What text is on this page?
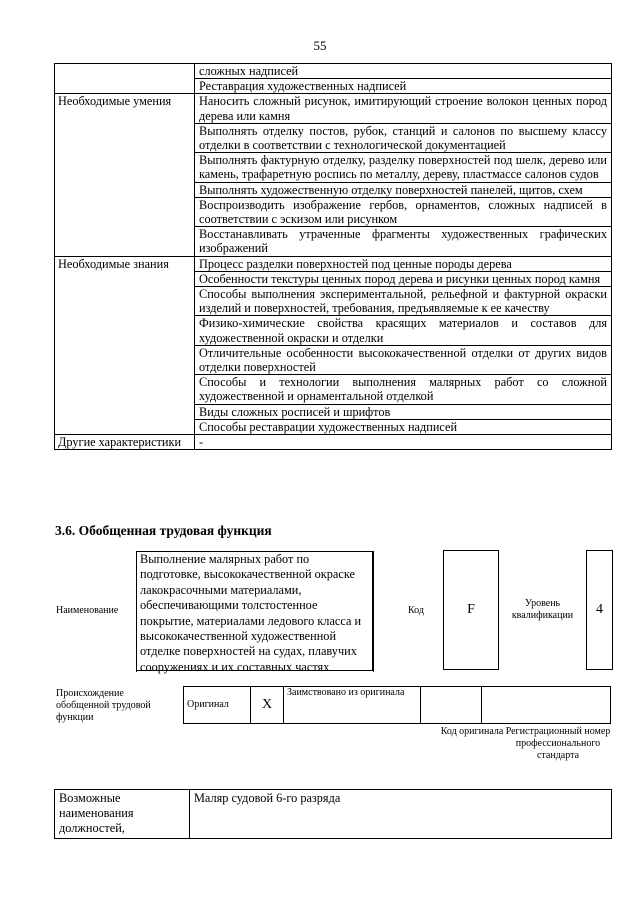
55
	сложных надписей
	Реставрация художественных надписей
Необходимые умения	Наносить сложный рисунок, имитирующий строение волокон ценных пород дерева или камня
	Выполнять отделку постов, рубок, станций и салонов по высшему классу отделки в соответствии с технологической документацией
	Выполнять фактурную отделку, разделку поверхностей под шелк, дерево или камень, трафаретную роспись по металлу, дереву, пластмассе салонов судов
	Выполнять художественную отделку поверхностей панелей, щитов, схем
	Воспроизводить изображение гербов, орнаментов, сложных надписей в соответствии с эскизом или рисунком
	Восстанавливать утраченные фрагменты художественных графических изображений
Необходимые знания	Процесс разделки поверхностей под ценные породы дерева
	Особенности текстуры ценных пород дерева и рисунки ценных пород камня
	Способы выполнения экспериментальной, рельефной и фактурной окраски изделий и поверхностей, требования, предъявляемые к ее качеству
	Физико-химические свойства красящих материалов и составов для художественной окраски и отделки
	Отличительные особенности высококачественной отделки от других видов отделки поверхностей
	Способы и технологии выполнения малярных работ со сложной художественной и орнаментальной отделкой
	Виды сложных росписей и шрифтов
	Способы реставрации художественных надписей
Другие характеристики	-
3.6. Обобщенная трудовая функция
Наименование
Выполнение малярных работ по подготовке, высококачественной окраске лакокрасочными материалами, обеспечивающими толстостенное покрытие, материалами ледового класса и высококачественной художественной отделке поверхностей на судах, плавучих сооружениях и их составных частях
Код	F	Уровень квалификации	4
Происхождение обобщенной трудовой функции
Оригинал	X	Заимствовано из оригинала		
Код оригинала Регистрационный номер профессионального стандарта
Возможные наименования должностей,	Маляр судовой 6-го разряда
